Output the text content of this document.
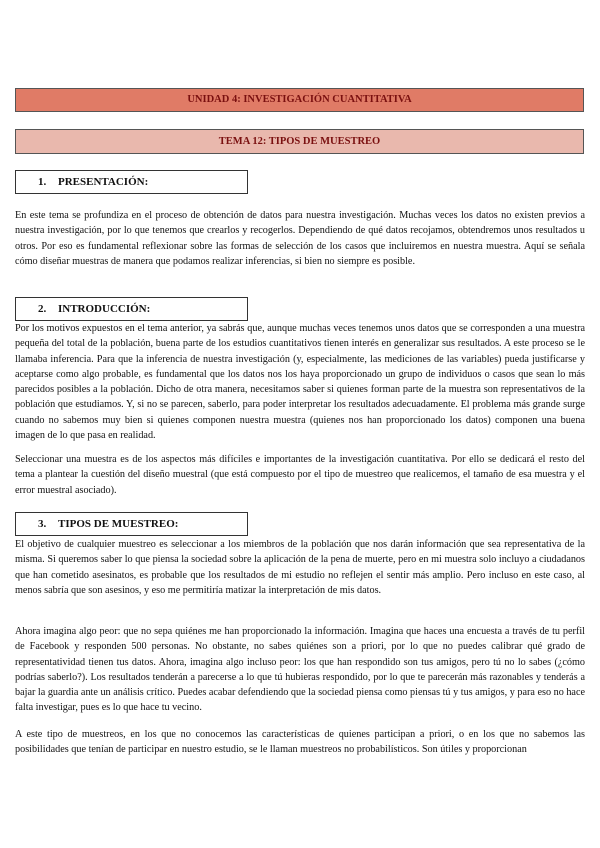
UNIDAD 4: INVESTIGACIÓN CUANTITATIVA
TEMA 12: TIPOS DE MUESTREO
1. PRESENTACIÓN:

En este tema se profundiza en el proceso de obtención de datos para nuestra investigación. Muchas veces los datos no existen previos a nuestra investigación, por lo que tenemos que crearlos y recogerlos. Dependiendo de qué datos recojamos, obtendremos unos resultados u otros. Por eso es fundamental reflexionar sobre las formas de selección de los casos que incluiremos en nuestra muestra. Aquí se señala cómo diseñar muestras de manera que podamos realizar inferencias, si bien no siempre es posible.

2. INTRODUCCIÓN:

Por los motivos expuestos en el tema anterior, ya sabrás que, aunque muchas veces tenemos unos datos que se corresponden a una muestra pequeña del total de la población, buena parte de los estudios cuantitativos tienen interés en generalizar sus resultados. A este proceso se le llamaba inferencia. Para que la inferencia de nuestra investigación (y, especialmente, las mediciones de las variables) pueda justificarse y aceptarse como algo probable, es fundamental que los datos nos los haya proporcionado un grupo de individuos o casos que sean lo más parecidos posibles a la población. Dicho de otra manera, necesitamos saber si quienes forman parte de la muestra son representativos de la población que estudiamos. Y, si no se parecen, saberlo, para poder interpretar los resultados adecuadamente. El problema más grande surge cuando no sabemos muy bien si quienes componen nuestra muestra (quienes nos han proporcionado los datos) componen una buena imagen de lo que pasa en realidad.

Seleccionar una muestra es de los aspectos más difíciles e importantes de la investigación cuantitativa. Por ello se dedicará el resto del tema a plantear la cuestión del diseño muestral (que está compuesto por el tipo de muestreo que realicemos, el tamaño de esa muestra y el error muestral asociado).

3. TIPOS DE MUESTREO:

El objetivo de cualquier muestreo es seleccionar a los miembros de la población que nos darán información que sea representativa de la misma. Si queremos saber lo que piensa la sociedad sobre la aplicación de la pena de muerte, pero en mi muestra solo incluyo a ciudadanos que han cometido asesinatos, es probable que los resultados de mi estudio no reflejen el sentir más amplio. Pero incluso en este caso, al menos sabría que son asesinos, y eso me permitiría matizar la interpretación de mis datos.

Ahora imagina algo peor: que no sepa quiénes me han proporcionado la información. Imagina que haces una encuesta a través de tu perfil de Facebook y responden 500 personas. No obstante, no sabes quiénes son a priori, por lo que no puedes calibrar qué grado de representatividad tienen tus datos. Ahora, imagina algo incluso peor: los que han respondido son tus amigos, pero tú no lo sabes (¿cómo podrías saberlo?). Los resultados tenderán a parecerse a lo que tú hubieras respondido, por lo que te parecerán más razonables y tenderás a bajar la guardia ante un análisis crítico. Puedes acabar defendiendo que la sociedad piensa como piensas tú y tus amigos, y para eso no hace falta investigar, pues es lo que hace tu vecino.

A este tipo de muestreos, en los que no conocemos las características de quienes participan a priori, o en los que no sabemos las posibilidades que tenían de participar en nuestro estudio, se le llaman muestreos no probabilísticos. Son útiles y proporcionan
